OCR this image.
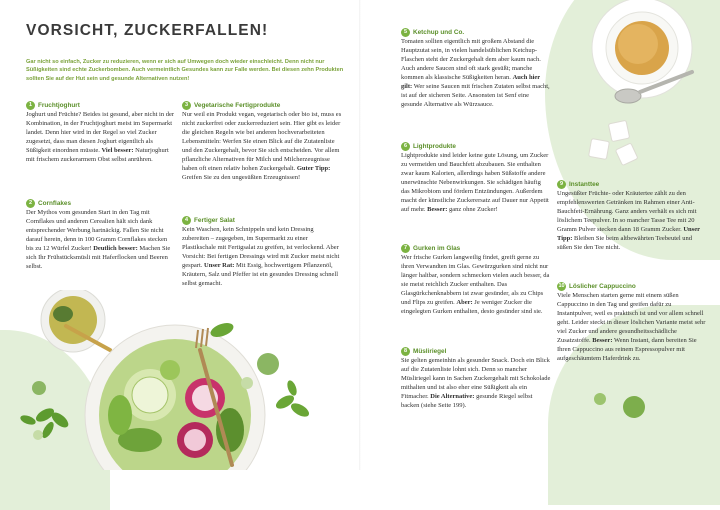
VORSICHT, ZUCKERFALLEN!

Gar nicht so einfach, Zucker zu reduzieren, wenn er sich auf Umwegen doch wieder einschleicht. Denn nicht nur Süßigkeiten sind echte Zuckerbomben. Auch vermeintlich Gesundes kann zur Falle werden. Bei diesen zehn Produkten sollten Sie auf der Hut sein und gesunde Alternativen nutzen!

1 Fruchtjoghurt

Joghurt und Früchte? Beides ist gesund, aber nicht in der Kombination, in der Fruchtjoghurt meist im Supermarkt landet. Denn hier wird in der Regel so viel Zucker zugesetzt, dass man diesen Joghurt eigentlich als Süßigkeit einordnen müsste. Viel besser: Naturjoghurt mit frischem zuckerarmem Obst selbst anrühren.

2 Cornflakes

Der Mythos vom gesunden Start in den Tag mit Cornflakes und anderen Cerealien hält sich dank entsprechender Werbung hartnäckig. Fallen Sie nicht darauf herein, denn in 100 Gramm Cornflakes stecken bis zu 12 Würfel Zucker! Deutlich besser: Machen Sie sich Ihr Frühstücksmüsli mit Haferflocken und Beeren selbst.

3 Vegetarische Fertigprodukte

Nur weil ein Produkt vegan, vegetarisch oder bio ist, muss es nicht zuckerfrei oder zuckerreduziert sein. Hier gibt es leider die gleichen Regeln wie bei anderen hochverarbeiteten Lebensmitteln: Werfen Sie einen Blick auf die Zutatenliste und den Zuckergehalt, bevor Sie sich entscheiden. Vor allem pflanzliche Alternativen für Milch und Milcherzeugnisse haben oft einen relativ hohen Zuckergehalt. Guter Tipp: Greifen Sie zu den ungesüßten Erzeugnissen!

4 Fertiger Salat

Kein Waschen, kein Schnippeln und kein Dressing zubereiten – zugegeben, im Supermarkt zu einer Plastikschale mit Fertigsalat zu greifen, ist verlockend. Aber Vorsicht: Bei fertigen Dressings wird mit Zucker meist nicht gespart. Unser Rat: Mit Essig, hochwertigem Pflanzenöl, Kräutern, Salz und Pfeffer ist ein gesundes Dressing schnell selbst gemacht.

5 Ketchup und Co.

Tomaten sollten eigentlich mit großem Abstand die Hauptzutat sein, in vielen handelsüblichen Ketchup-Flaschen steht der Zuckergehalt dem aber kaum nach. Auch andere Saucen sind oft stark gesüßt; manche kommen als klassische Süßigkeiten heran. Auch hier gilt: Wer seine Saucen mit frischen Zutaten selbst macht, ist auf der sicheren Seite. Ansonsten ist Senf eine gesunde Alternative als Würzsauce.

6 Lightprodukte

Lightprodukte sind leider keine gute Lösung, um Zucker zu vermeiden und Bauchfett abzubauen. Sie enthalten zwar kaum Kalorien, allerdings haben Süßstoffe andere unerwünschte Nebenwirkungen. Sie schädigen häufig das Mikrobiom und fördern Entzündungen. Außerdem macht der künstliche Zuckerersatz auf Dauer nur Appetit auf mehr. Besser: ganz ohne Zucker!

7 Gurken im Glas

Wer frische Gurken langweilig findet, greift gerne zu ihren Verwandten im Glas. Gewürzgurken sind nicht nur länger haltbar, sondern schmecken vielen auch besser, da sie meist reichlich Zucker enthalten. Das Glasgürkchenknabbern ist zwar gesünder, als zu Chips und Flips zu greifen. Aber: Je weniger Zucker die eingelegten Gurken enthalten, desto gesünder sind sie.

8 Müsliriegel

Sie gelten gemeinhin als gesunder Snack. Doch ein Blick auf die Zutatenliste lohnt sich. Denn so mancher Müsliriegel kann in Sachen Zuckergehalt mit Schokolade mithalten und ist also eher eine Süßigkeit als ein Fitmacher. Die Alternative: gesunde Riegel selbst backen (siehe Seite 199).

9 Instanttee

Ungesüßter Früchte- oder Kräutertee zählt zu den empfehlenswerten Getränken im Rahmen einer Anti-Bauchfett-Ernährung. Ganz anders verhält es sich mit löslichem Teepulver. In so mancher Tasse Tee mit 20 Gramm Pulver stecken dann 18 Gramm Zucker. Unser Tipp: Bleiben Sie beim altbewährten Teebeutel und süßen Sie den Tee nicht.

10 Löslicher Cappuccino

Viele Menschen starten gerne mit einem süßen Cappuccino in den Tag und greifen dafür zu Instantpulver, weil es praktisch ist und vor allem schnell geht. Leider steckt in dieser löslichen Variante meist sehr viel Zucker und andere gesundheitsschädliche Zusatzstoffe. Besser: Wenn Instant, dann bereiten Sie Ihren Cappuccino aus reinem Espressopulver mit aufgeschäumtem Haferdrink zu.
